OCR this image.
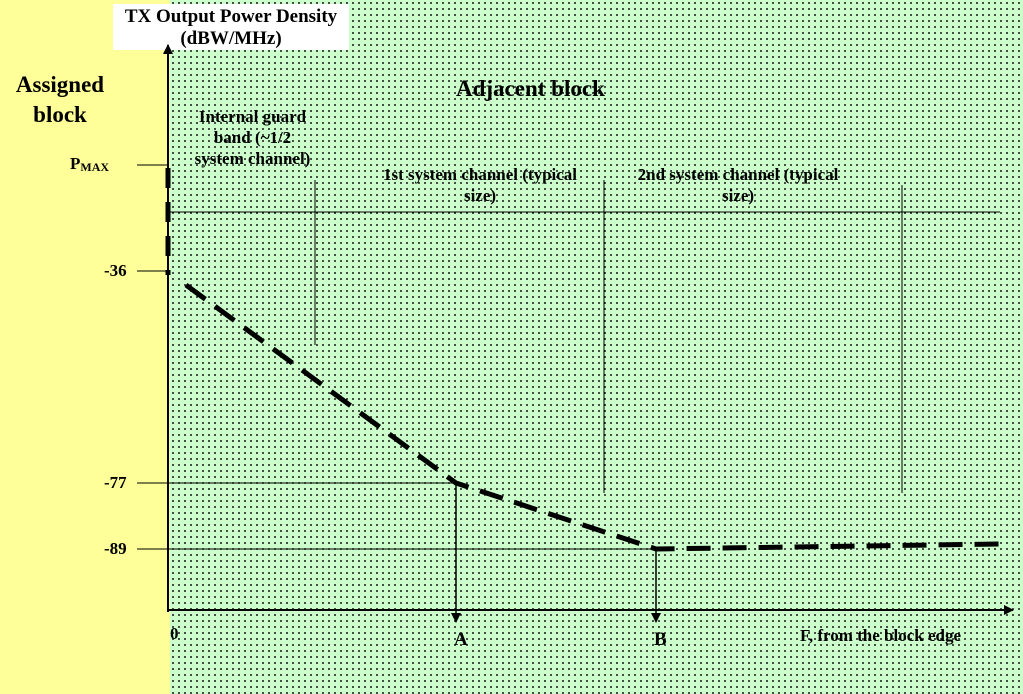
TX Output Power Density
(dBW/MHz)
Assigned block
Adjacent block
Internal guard band (~1/2 system channel)
1st system channel (typical size)
2nd system channel (typical size)
$P_{MAX}$
-36
-77
-89
0	A	B	F, from the block edge
